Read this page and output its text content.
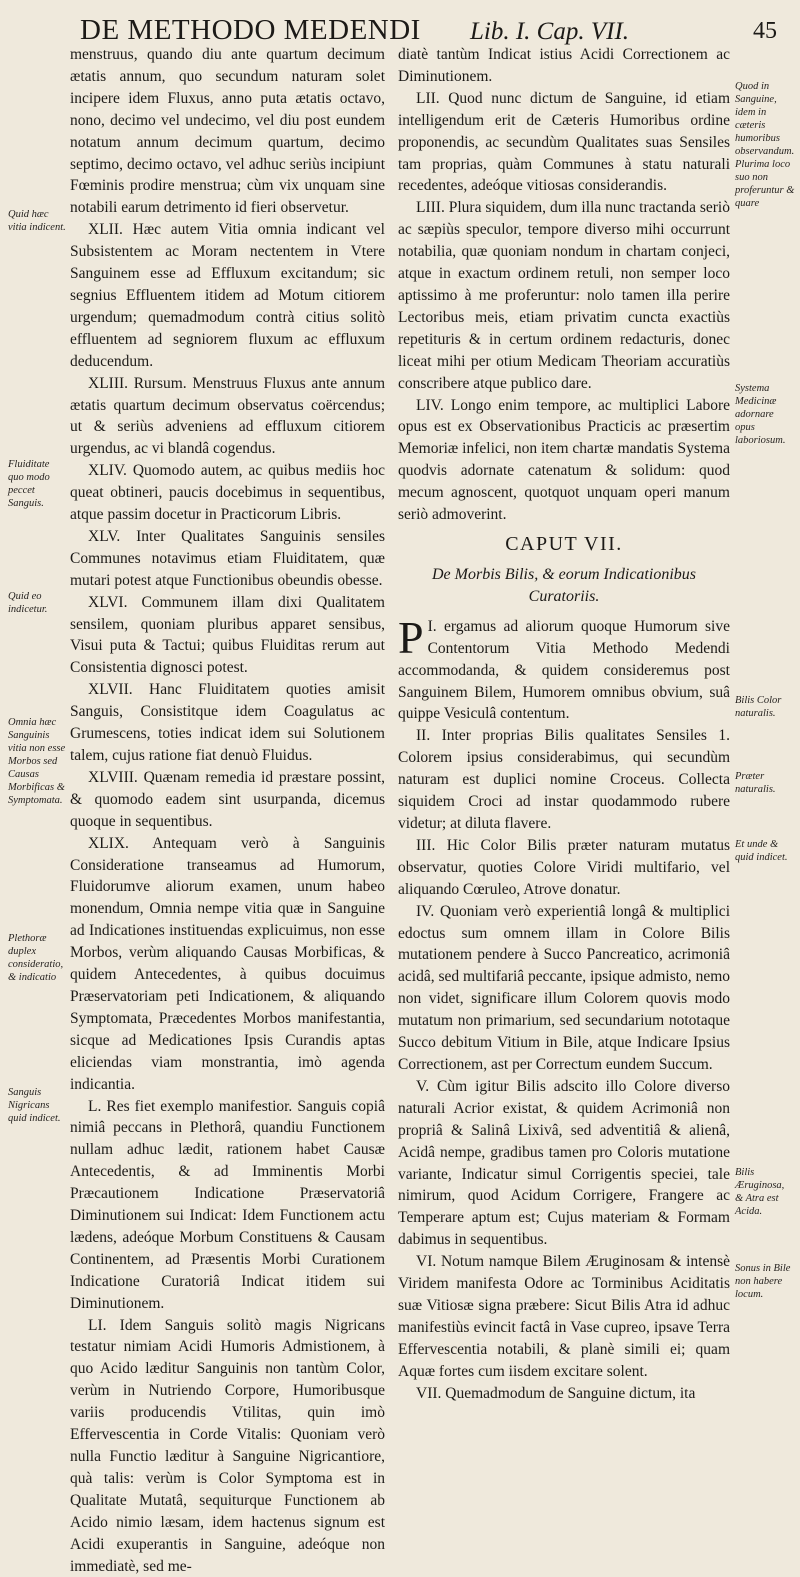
DE METHODO MEDENDI Lib. I. Cap. VII.	45
Quid hæc vitia indicent.
Fluiditate quo modo peccet Sanguis.
Quid eo indicetur.
Omnia hæc Sanguinis vitia non esse Morbos sed Causas Morbificas & Symptomata.
Plethoræ duplex consideratio, & indicatio
Sanguis Nigricans quid indicet.
Quod in Sanguine, idem in cæteris humoribus observandum. Plurima loco suo non proferuntur & quare
Systema Medicinæ adornare opus laboriosum.
Bilis Color naturalis.
Præter naturalis.
Et unde & quid indicet.
Bilis Æruginosa, & Atra est Acida.
Sonus in Bile non habere locum.

menstruus, quando diu ante quartum decimum ætatis annum, quo secundum naturam solet incipere idem Fluxus, anno puta ætatis octavo, nono, decimo vel undecimo, vel diu post eundem notatum annum decimum quartum, decimo septimo, decimo octavo, vel adhuc seriùs incipiunt Fœminis prodire menstrua; cùm vix unquam sine notabili earum detrimento id fieri observetur.

XLII. Hæc autem Vitia omnia indicant vel Subsistentem ac Moram nectentem in Vtere Sanguinem esse ad Effluxum excitandum; sic segnius Effluentem itidem ad Motum citiorem urgendum; quemadmodum contrà citius solitò effluentem ad segniorem fluxum ac effluxum deducendum.

XLIII. Rursum. Menstruus Fluxus ante annum ætatis quartum decimum observatus coërcendus; ut & seriùs adveniens ad effluxum citiorem urgendus, ac vi blandâ cogendus.

XLIV. Quomodo autem, ac quibus mediis hoc queat obtineri, paucis docebimus in sequentibus, atque passim docetur in Practicorum Libris.

XLV. Inter Qualitates Sanguinis sensiles Communes notavimus etiam Fluiditatem, quæ mutari potest atque Functionibus obeundis obesse.

XLVI. Communem illam dixi Qualitatem sensilem, quoniam pluribus apparet sensibus, Visui puta & Tactui; quibus Fluiditas rerum aut Consistentia dignosci potest.

XLVII. Hanc Fluiditatem quoties amisit Sanguis, Consistitque idem Coagulatus ac Grumescens, toties indicat idem sui Solutionem talem, cujus ratione fiat denuò Fluidus.

XLVIII. Quænam remedia id præstare possint, & quomodo eadem sint usurpanda, dicemus quoque in sequentibus.

XLIX. Antequam verò à Sanguinis Consideratione transeamus ad Humorum, Fluidorumve aliorum examen, unum habeo monendum, Omnia nempe vitia quæ in Sanguine ad Indicationes instituendas explicuimus, non esse Morbos, verùm aliquando Causas Morbificas, & quidem Antecedentes, à quibus docuimus Præservatoriam peti Indicationem, & aliquando Symptomata, Præcedentes Morbos manifestantia, sicque ad Medicationes Ipsis Curandis aptas eliciendas viam monstrantia, imò agenda indicantia.

L. Res fiet exemplo manifestior. Sanguis copiâ nimiâ peccans in Plethorâ, quandiu Functionem nullam adhuc lædit, rationem habet Causæ Antecedentis, & ad Imminentis Morbi Præcautionem Indicatione Præservatoriâ Diminutionem sui Indicat: Idem Functionem actu lædens, adeóque Morbum Constituens & Causam Continentem, ad Præsentis Morbi Curationem Indicatione Curatoriâ Indicat itidem sui Diminutionem.

LI. Idem Sanguis solitò magis Nigricans testatur nimiam Acidi Humoris Admistionem, à quo Acido læditur Sanguinis non tantùm Color, verùm in Nutriendo Corpore, Humoribusque variis producendis Vtilitas, quin imò Effervescentia in Corde Vitalis: Quoniam verò nulla Functio læditur à Sanguine Nigricantiore, quà talis: verùm is Color Symptoma est in Qualitate Mutatâ, sequiturque Functionem ab Acido nimio læsam, idem hactenus signum est Acidi exuperantis in Sanguine, adeóque non immediatè, sed me-

diatè tantùm Indicat istius Acidi Correctionem ac Diminutionem.

LII. Quod nunc dictum de Sanguine, id etiam intelligendum erit de Cæteris Humoribus ordine proponendis, ac secundùm Qualitates suas Sensiles tam proprias, quàm Communes à statu naturali recedentes, adeóque vitiosas considerandis.

LIII. Plura siquidem, dum illa nunc tractanda seriò ac sæpiùs speculor, tempore diverso mihi occurrunt notabilia, quæ quoniam nondum in chartam conjeci, atque in exactum ordinem retuli, non semper loco aptissimo à me proferuntur: nolo tamen illa perire Lectoribus meis, etiam privatim cuncta exactiùs repetituris & in certum ordinem redacturis, donec liceat mihi per otium Medicam Theoriam accuratiùs conscribere atque publico dare.

LIV. Longo enim tempore, ac multiplici Labore opus est ex Observationibus Practicis ac præsertim Memoriæ infelici, non item chartæ mandatis Systema quodvis adornate catenatum & solidum: quod mecum agnoscent, quotquot unquam operi manum seriò admoverint.

CAPUT VII.
De Morbis Bilis, & eorum Indicationibus Curatoriis.

I.
P ergamus ad aliorum quoque Humorum sive Contentorum Vitia Methodo Medendi accommodanda, & quidem consideremus post Sanguinem Bilem, Humorem omnibus obvium, suâ quippe Vesiculâ contentum.

II. Inter proprias Bilis qualitates Sensiles 1. Colorem ipsius considerabimus, qui secundùm naturam est duplici nomine Croceus. Collecta siquidem Croci ad instar quodammodo rubere videtur; at diluta flavere.

III. Hic Color Bilis præter naturam mutatus observatur, quoties Colore Viridi multifario, vel aliquando Cœruleo, Atrove donatur.

IV. Quoniam verò experientiâ longâ & multiplici edoctus sum omnem illam in Colore Bilis mutationem pendere à Succo Pancreatico, acrimoniâ acidâ, sed multifariâ peccante, ipsique admisto, nemo non videt, significare illum Colorem quovis modo mutatum non primarium, sed secundarium nototaque Succo debitum Vitium in Bile, atque Indicare Ipsius Correctionem, ast per Correctum eundem Succum.

V. Cùm igitur Bilis adscito illo Colore diverso naturali Acrior existat, & quidem Acrimoniâ non propriâ & Salinâ Lixivâ, sed adventitiâ & alienâ, Acidâ nempe, gradibus tamen pro Coloris mutatione variante, Indicatur simul Corrigentis speciei, tale nimirum, quod Acidum Corrigere, Frangere ac Temperare aptum est; Cujus materiam & Formam dabimus in sequentibus.

VI. Notum namque Bilem Æruginosam & intensè Viridem manifesta Odore ac Torminibus Aciditatis suæ Vitiosæ signa præbere: Sicut Bilis Atra id adhuc manifestiùs evincit factâ in Vase cupreo, ipsave Terra Effervescentia notabili, & planè simili ei; quam Aquæ fortes cum iisdem excitare solent.

VII. Quemadmodum de Sanguine dictum, ita
